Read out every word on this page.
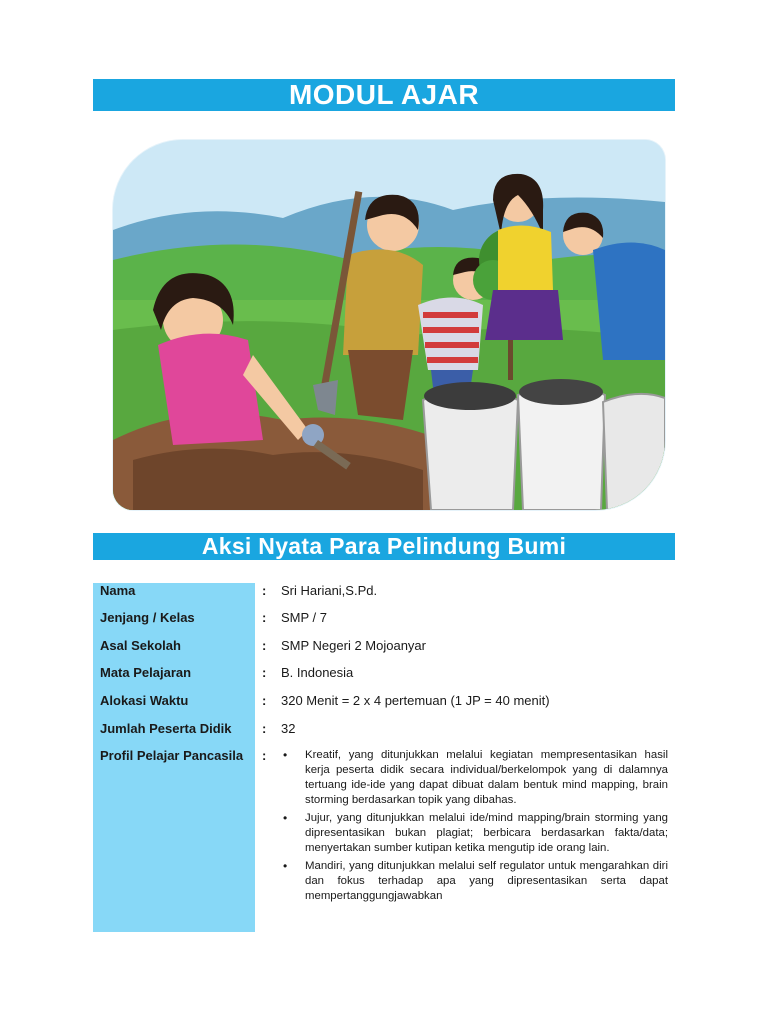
MODUL AJAR
Aksi Nyata Para Pelindung Bumi
Nama	: Sri Hariani,S.Pd.
Jenjang / Kelas	: SMP / 7
Asal Sekolah	: SMP Negeri 2 Mojoanyar
Mata Pelajaran	: B. Indonesia
Alokasi Waktu	: 320 Menit = 2 x 4 pertemuan (1 JP = 40 menit)
Jumlah Peserta Didik	: 32
Profil Pelajar Pancasila	: • Kreatif, yang ditunjukkan melalui kegiatan mempresentasikan hasil kerja peserta didik secara individual/berkelompok yang di dalamnya tertuang ide-ide yang dapat dibuat dalam bentuk mind mapping, brain storming berdasarkan topik yang dibahas.
• Jujur, yang ditunjukkan melalui ide/mind mapping/brain storming yang dipresentasikan bukan plagiat; berbicara berdasarkan fakta/data; menyertakan sumber kutipan ketika mengutip ide orang lain.
• Mandiri, yang ditunjukkan melalui self regulator untuk mengarahkan diri dan fokus terhadap apa yang dipresentasikan serta dapat mempertanggungjawabkan
